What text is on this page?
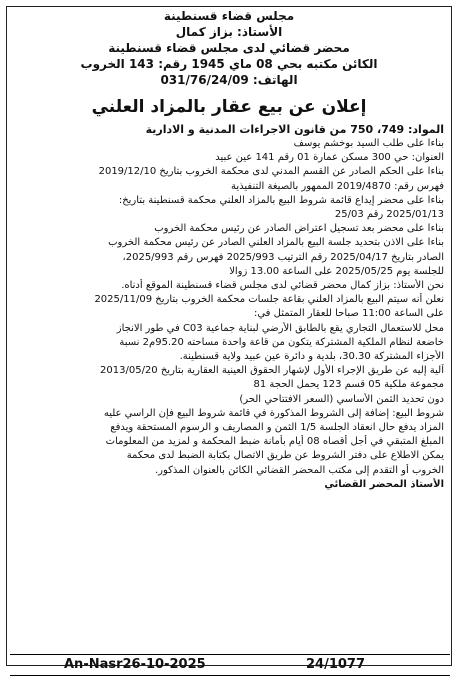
مجلس قضاء قسنطينة
الأستاذ: بزاز كمال
محضر قضائي لدى مجلس قضاء قسنطينة
الكائن مكتبه بحي 08 ماي 1945 رقم: 143 الخروب
الهاتف: 031/76/24/09
إعلان عن بيع عقار بالمزاد العلني
المواد: 749، 750 من قانون الاجراءات المدنية و الادارية
بناءا على طلب السيد بوخشم يوسف
العنوان: حي 300 مسكن عمارة 01 رقم 141 عين عبيد
بناءا على الحكم الصادر عن القسم المدني لدى محكمة الخروب بتاريخ 2019/12/10
فهرس رقم: 2019/4870 الممهور بالصيغة التنفيذية
بناءا على محضر إيداع قائمة شروط البيع بالمزاد العلني محكمة قسنطينة بتاريخ:
2025/01/13 رقم 25/03
بناءا على محضر بعد تسجيل اعتراض الصادر عن رئيس محكمة الخروب
بناءا على الاذن بتحديد جلسة البيع بالمزاد العلني الصادر عن رئيس محكمة الخروب
الصادر بتاريخ 2025/04/17 رقم الترتيب 2025/993 فهرس رقم 2025/993،
للجلسة يوم 2025/05/25 على الساعة 13.00 زوالا
نحن الأستاذ: بزاز كمال محضر قضائي لدى مجلس قضاء قسنطينة الموقع أدناه.
نعلن أنه سيتم البيع بالمزاد العلني بقاعة جلسات محكمة الخروب بتاريخ 2025/11/09
على الساعة 11:00 صباحا للعقار المتمثل في:
محل للاستعمال التجاري يقع بالطابق الأرضي لبناية جماعية C03 في طور الانجاز
خاضعة لنظام الملكية المشتركة يتكون من قاعة واحدة مساحته 95.20م2 نسبة
الأجزاء المشتركة 30.30، بلدية و دائرة عين عبيد ولاية قسنطينة.
آلية إليه عن طريق الإجراء الأول لإشهار الحقوق العينية العقارية بتاريخ 2013/05/20
مجموعة ملكية 05 قسم 123 يحمل الحجة 81
دون تحديد الثمن الأساسي (السعر الافتتاحي الحر)
شروط البيع: إضافة إلى الشروط المذكورة في قائمة شروط البيع فإن الراسي عليه
المزاد يدفع حال انعقاد الجلسة 1/5 الثمن و المصاريف و الرسوم المستحقة ويدفع
المبلغ المتبقي في أجل أقصاه 08 أيام بأمانة ضبط المحكمة و لمزيد من المعلومات
يمكن الاطلاع على دفتر الشروط عن طريق الاتصال بكتابة الضبط لدى محكمة
الخروب أو التقدم إلى مكتب المحضر القضائي الكائن بالعنوان المذكور.
الأستاذ المحضر القضائي
An-Nasr26-10-2025	24/1077
